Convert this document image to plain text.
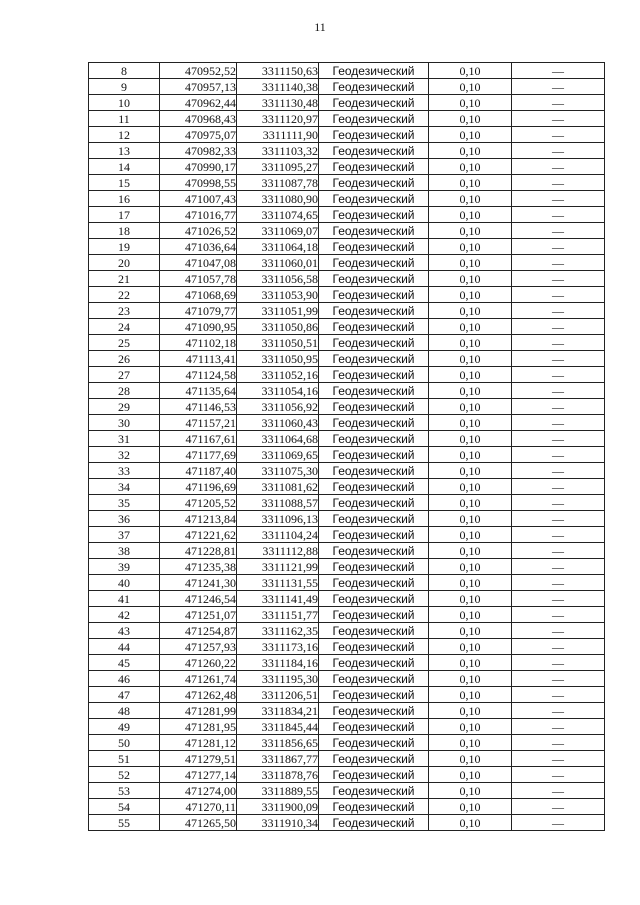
11
8	470952,52	3311150,63	Геодезический	0,10	—
9	470957,13	3311140,38	Геодезический	0,10	—
10	470962,44	3311130,48	Геодезический	0,10	—
11	470968,43	3311120,97	Геодезический	0,10	—
12	470975,07	3311111,90	Геодезический	0,10	—
13	470982,33	3311103,32	Геодезический	0,10	—
14	470990,17	3311095,27	Геодезический	0,10	—
15	470998,55	3311087,78	Геодезический	0,10	—
16	471007,43	3311080,90	Геодезический	0,10	—
17	471016,77	3311074,65	Геодезический	0,10	—
18	471026,52	3311069,07	Геодезический	0,10	—
19	471036,64	3311064,18	Геодезический	0,10	—
20	471047,08	3311060,01	Геодезический	0,10	—
21	471057,78	3311056,58	Геодезический	0,10	—
22	471068,69	3311053,90	Геодезический	0,10	—
23	471079,77	3311051,99	Геодезический	0,10	—
24	471090,95	3311050,86	Геодезический	0,10	—
25	471102,18	3311050,51	Геодезический	0,10	—
26	471113,41	3311050,95	Геодезический	0,10	—
27	471124,58	3311052,16	Геодезический	0,10	—
28	471135,64	3311054,16	Геодезический	0,10	—
29	471146,53	3311056,92	Геодезический	0,10	—
30	471157,21	3311060,43	Геодезический	0,10	—
31	471167,61	3311064,68	Геодезический	0,10	—
32	471177,69	3311069,65	Геодезический	0,10	—
33	471187,40	3311075,30	Геодезический	0,10	—
34	471196,69	3311081,62	Геодезический	0,10	—
35	471205,52	3311088,57	Геодезический	0,10	—
36	471213,84	3311096,13	Геодезический	0,10	—
37	471221,62	3311104,24	Геодезический	0,10	—
38	471228,81	3311112,88	Геодезический	0,10	—
39	471235,38	3311121,99	Геодезический	0,10	—
40	471241,30	3311131,55	Геодезический	0,10	—
41	471246,54	3311141,49	Геодезический	0,10	—
42	471251,07	3311151,77	Геодезический	0,10	—
43	471254,87	3311162,35	Геодезический	0,10	—
44	471257,93	3311173,16	Геодезический	0,10	—
45	471260,22	3311184,16	Геодезический	0,10	—
46	471261,74	3311195,30	Геодезический	0,10	—
47	471262,48	3311206,51	Геодезический	0,10	—
48	471281,99	3311834,21	Геодезический	0,10	—
49	471281,95	3311845,44	Геодезический	0,10	—
50	471281,12	3311856,65	Геодезический	0,10	—
51	471279,51	3311867,77	Геодезический	0,10	—
52	471277,14	3311878,76	Геодезический	0,10	—
53	471274,00	3311889,55	Геодезический	0,10	—
54	471270,11	3311900,09	Геодезический	0,10	—
55	471265,50	3311910,34	Геодезический	0,10	—
